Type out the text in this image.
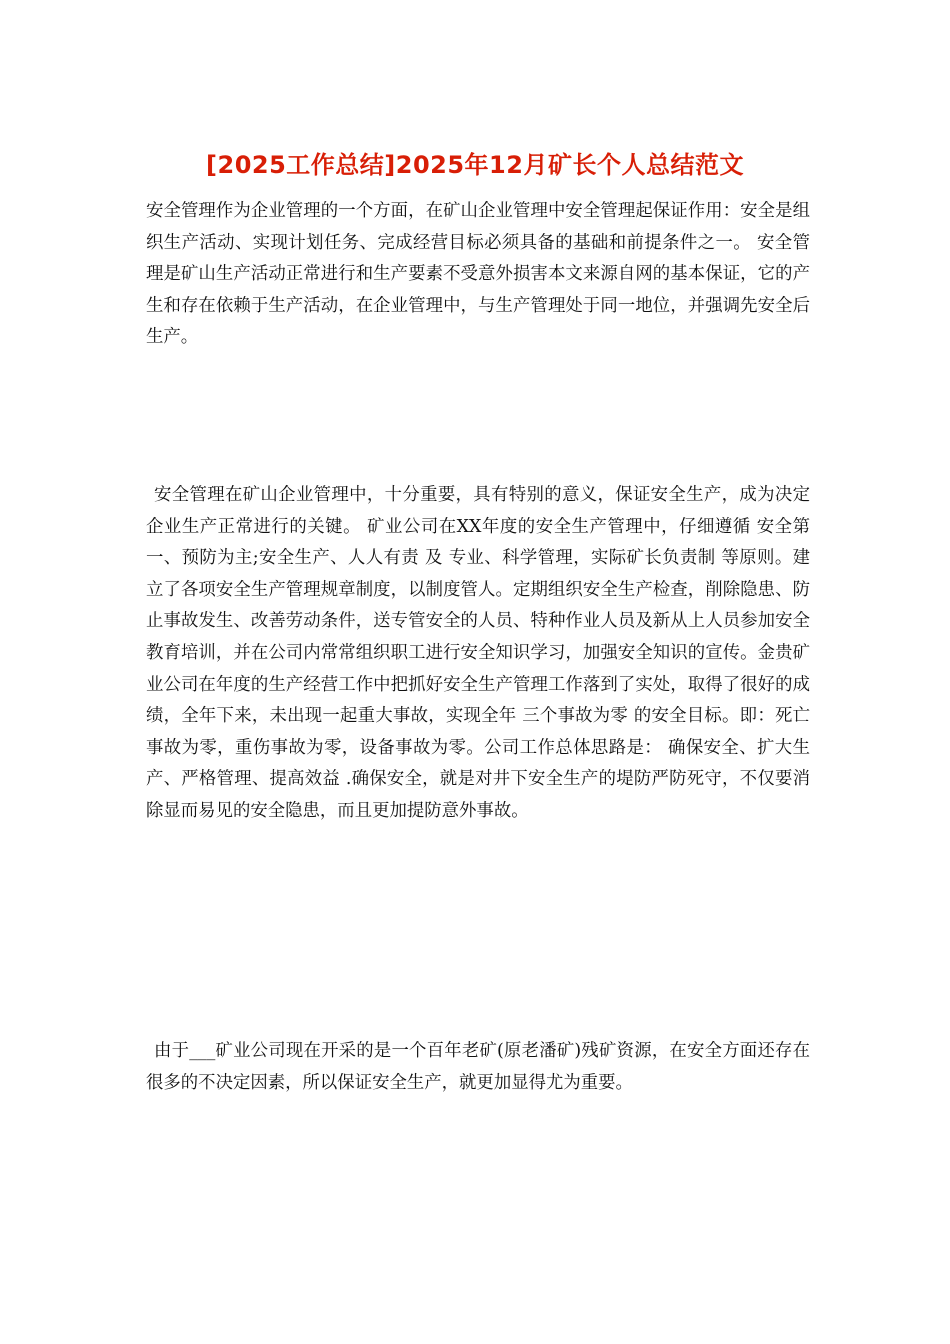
[2025工作总结]2025年12月矿长个人总结范文

安全管理作为企业管理的一个方面，在矿山企业管理中安全管理起保证作用：安全是组织生产活动、实现计划任务、完成经营目标必须具备的基础和前提条件之一。 安全管理是矿山生产活动正常进行和生产要素不受意外损害本文来源自网的基本保证，它的产生和存在依赖于生产活动，在企业管理中，与生产管理处于同一地位，并强调先安全后生产。

安全管理在矿山企业管理中，十分重要，具有特别的意义，保证安全生产，成为决定企业生产正常进行的关键。 矿业公司在XX年度的安全生产管理中，仔细遵循 安全第一、预防为主;安全生产、人人有责 及 专业、科学管理，实际矿长负责制 等原则。建立了各项安全生产管理规章制度，以制度管人。定期组织安全生产检查，削除隐患、防止事故发生、改善劳动条件，送专管安全的人员、特种作业人员及新从上人员参加安全教育培训，并在公司内常常组织职工进行安全知识学习，加强安全知识的宣传。金贵矿业公司在年度的生产经营工作中把抓好安全生产管理工作落到了实处，取得了很好的成绩，全年下来，未出现一起重大事故，实现全年 三个事故为零 的安全目标。即：死亡事故为零，重伤事故为零，设备事故为零。公司工作总体思路是： 确保安全、扩大生产、严格管理、提高效益 .确保安全，就是对井下安全生产的堤防严防死守，不仅要消除显而易见的安全隐患，而且更加提防意外事故。

由于___矿业公司现在开采的是一个百年老矿(原老潘矿)残矿资源，在安全方面还存在很多的不决定因素，所以保证安全生产，就更加显得尤为重要。
